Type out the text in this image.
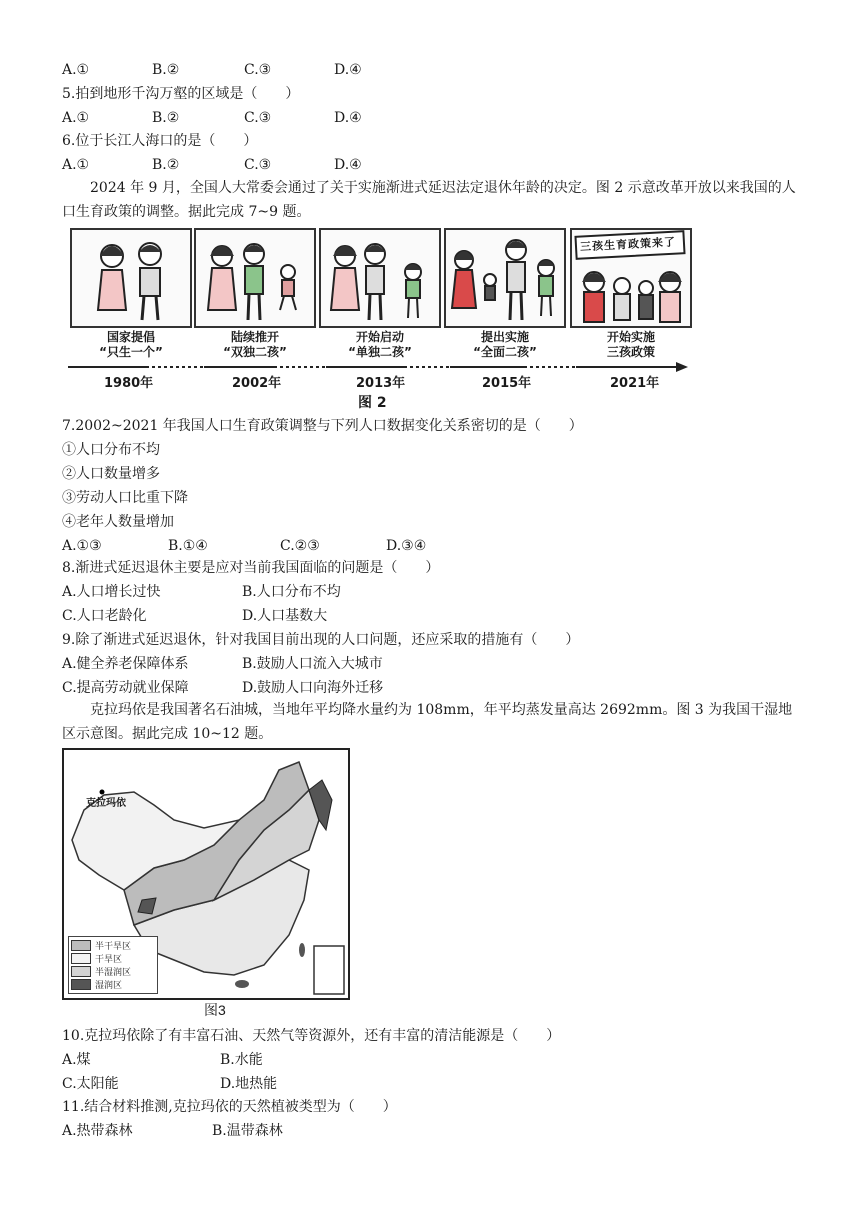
A.①	B.②	C.③	D.④
5.拍到地形千沟万壑的区域是（　　）
A.①	B.②	C.③	D.④
6.位于长江人海口的是（　　）
A.①	B.②	C.③	D.④
2024 年 9 月，全国人大常委会通过了关于实施渐进式延迟法定退休年龄的决定。图 2 示意改革开放以来我国的人口生育政策的调整。据此完成 7~9 题。
三孩生育政策来了
国家提倡
“只生一个”
陆续推开
“双独二孩”
开始启动
“单独二孩”
提出实施
“全面二孩”
开始实施
三孩政策
1980年	2002年	2013年	2015年	2021年
图 2
7.2002~2021 年我国人口生育政策调整与下列人口数据变化关系密切的是（　　）
①人口分布不均
②人口数量增多
③劳动人口比重下降
④老年人数量增加
A.①③	B.①④	C.②③	D.③④
8.渐进式延迟退休主要是应对当前我国面临的问题是（　　）
A.人口增长过快	B.人口分布不均
C.人口老龄化	D.人口基数大
9.除了渐进式延迟退休，针对我国目前出现的人口问题，还应采取的措施有（　　）
A.健全养老保障体系	B.鼓励人口流入大城市
C.提高劳动就业保障	D.鼓励人口向海外迁移
克拉玛依是我国著名石油城，当地年平均降水量约为 108mm，年平均蒸发量高达 2692mm。图 3 为我国干湿地区示意图。据此完成 10~12 题。
克拉玛依
半干旱区
干旱区
半湿润区
湿润区
图3
10.克拉玛依除了有丰富石油、天然气等资源外，还有丰富的清洁能源是（　　）
A.煤	B.水能
C.太阳能	D.地热能
11.结合材料推测,克拉玛依的天然植被类型为（　　）
A.热带森林	B.温带森林
